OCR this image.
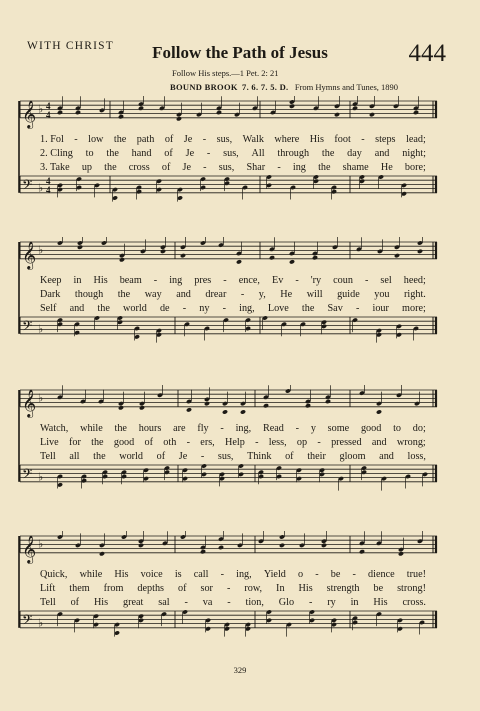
WITH CHRIST	Follow the Path of Jesus	444
Follow His steps.—1 Pet. 2: 21
BOUND BROOK 7. 6. 7. 5. D. From Hymns and Tunes, 1890
𝄞 ♭ 4
4
𝄢 ♭
4
4
1. Fol - low the path of Je - sus, Walk where His foot - steps lead;
2. Cling to the hand of Je - sus, All through the day and night;
3. Take up the cross of Je - sus, Shar - ing the shame He bore;
𝄞 ♭
𝄢 ♭
Keep in His beam - ing pres - ence, Ev - 'ry coun - sel heed;
Dark though the way and drear - y, He will guide you right.
Self and the world de - ny - ing, Love the Sav - iour more;
𝄞 ♭
𝄢 ♭
Watch, while the hours are fly - ing, Read - y some good to do;
Live for the good of oth - ers, Help - less, op - pressed and wrong;
Tell all the world of Je - sus, Think of their gloom and loss,
𝄞 ♭
𝄢 ♭
Quick, while His voice is call - ing, Yield o - be - dience true!
Lift them from depths of sor - row, In His strength be strong!
Tell of His great sal - va - tion, Glo - ry in His cross.
329
